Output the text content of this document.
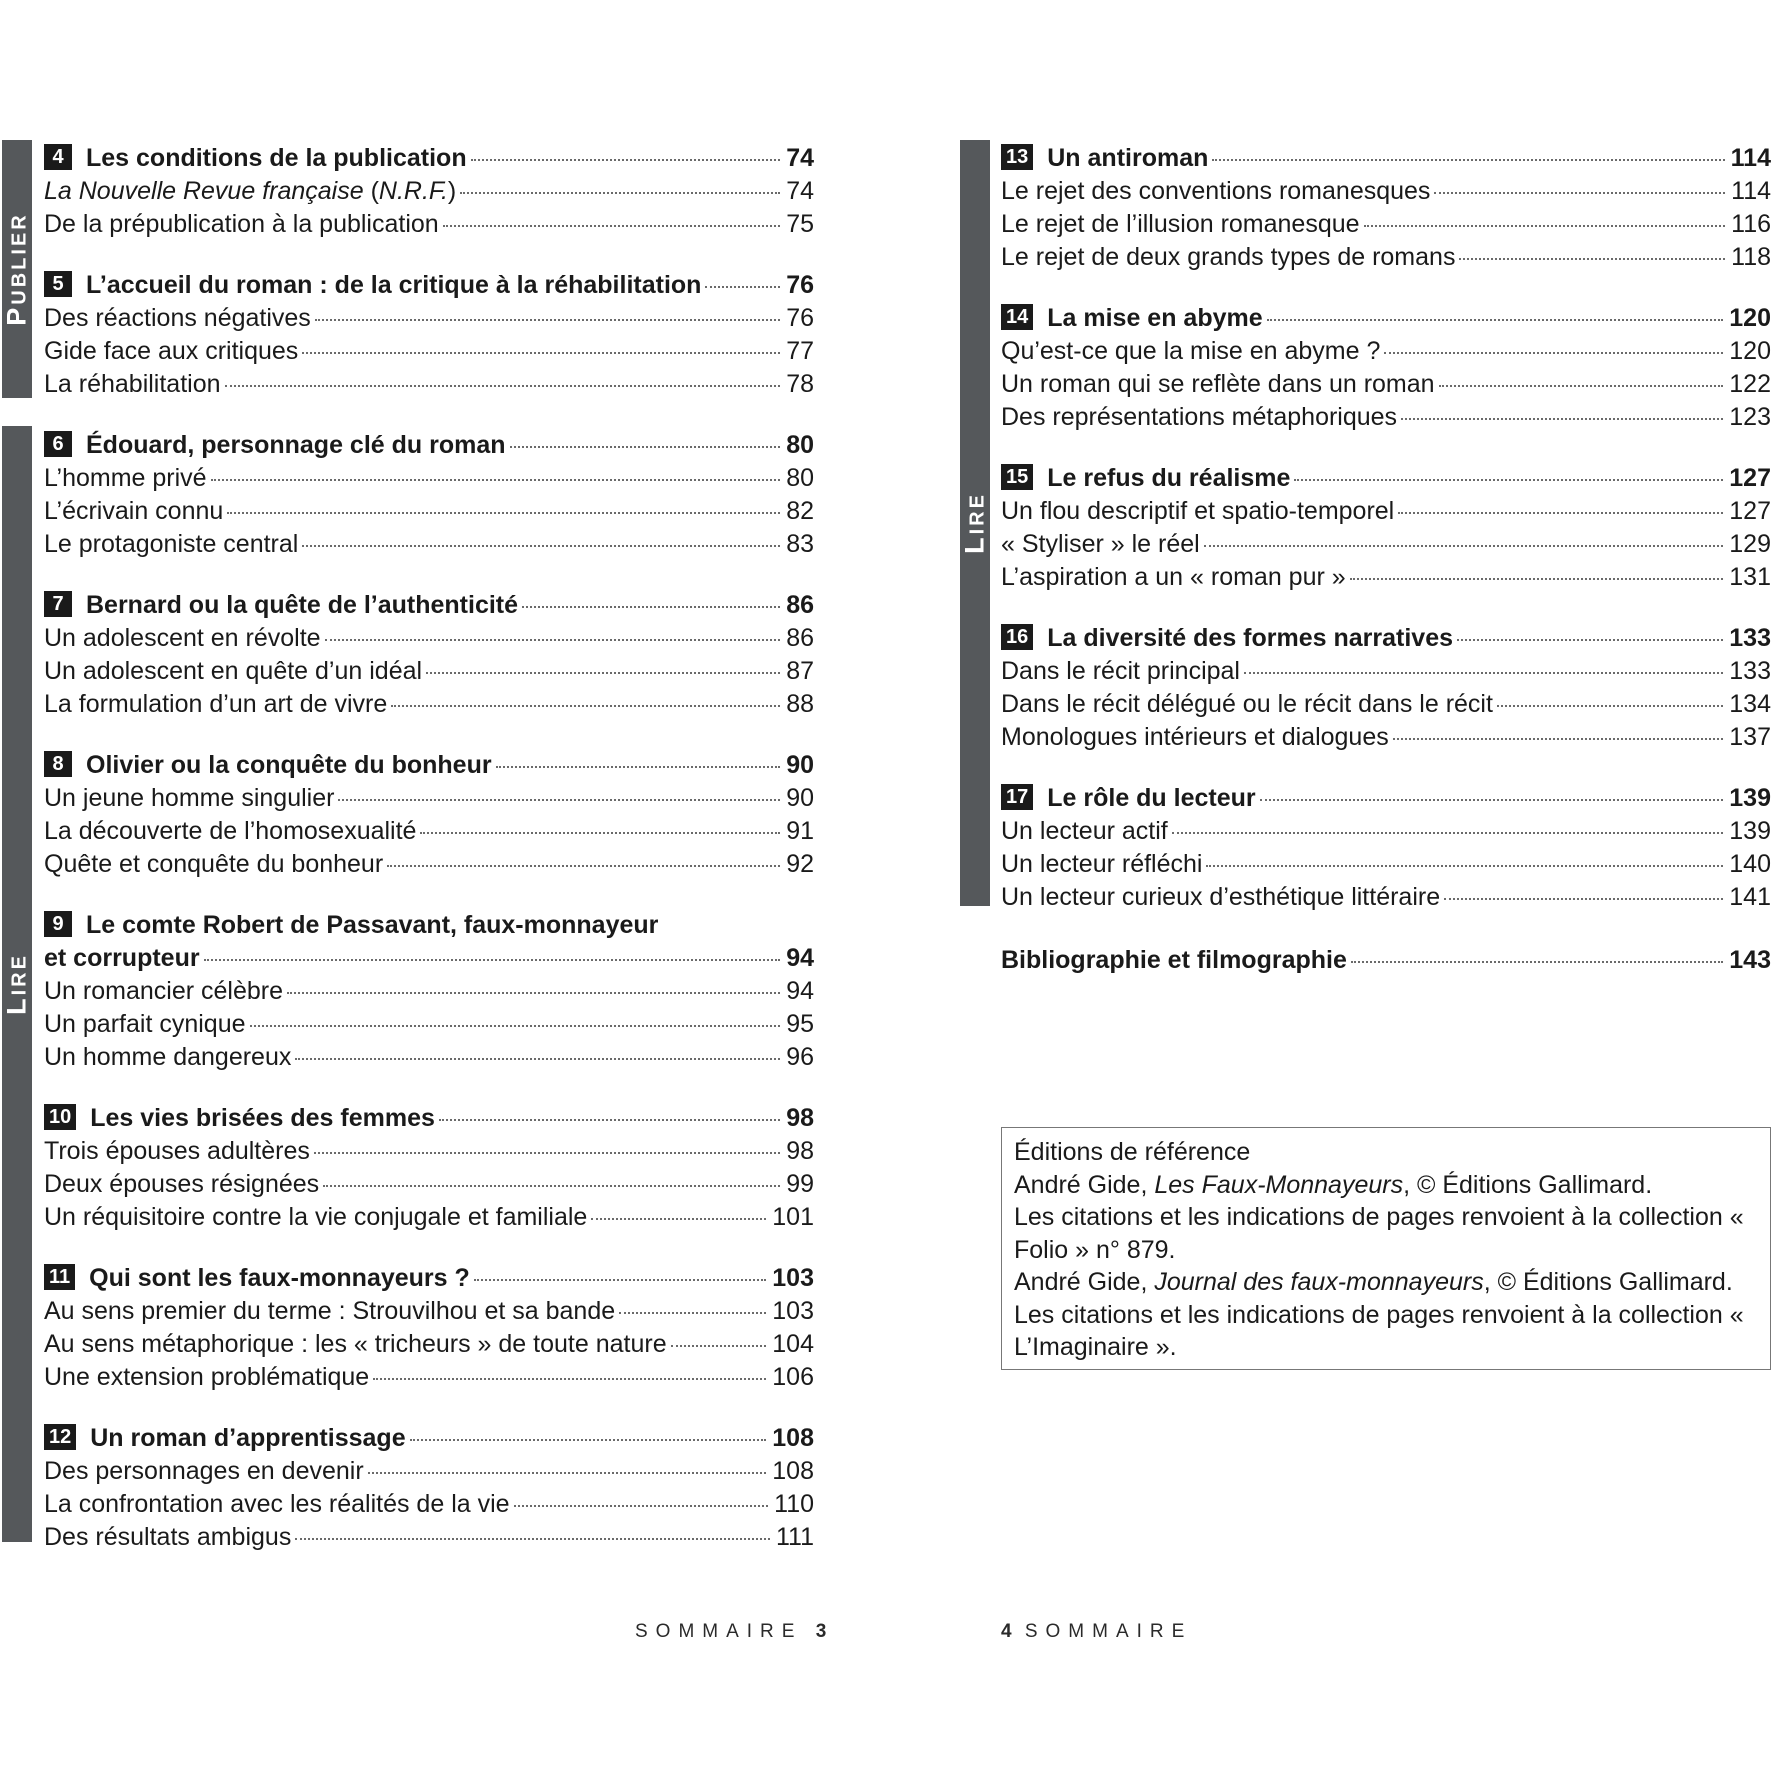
PUBLIER
LIRE
LIRE
4 Les conditions de la publication	74
La Nouvelle Revue française (N.R.F.)	74
De la prépublication à la publication	75
5 L’accueil du roman : de la critique à la réhabilitation	76
Des réactions négatives	76
Gide face aux critiques	77
La réhabilitation	78
6 Édouard, personnage clé du roman	80
L’homme privé	80
L’écrivain connu	82
Le protagoniste central	83
7 Bernard ou la quête de l’authenticité	86
Un adolescent en révolte	86
Un adolescent en quête d’un idéal	87
La formulation d’un art de vivre	88
8 Olivier ou la conquête du bonheur	90
Un jeune homme singulier	90
La découverte de l’homosexualité	91
Quête et conquête du bonheur	92
9 Le comte Robert de Passavant, faux-monnayeur
et corrupteur	94
Un romancier célèbre	94
Un parfait cynique	95
Un homme dangereux	96
10 Les vies brisées des femmes	98
Trois épouses adultères	98
Deux épouses résignées	99
Un réquisitoire contre la vie conjugale et familiale	101
11 Qui sont les faux-monnayeurs ?	103
Au sens premier du terme : Strouvilhou et sa bande	103
Au sens métaphorique : les « tricheurs » de toute nature	104
Une extension problématique	106
12 Un roman d’apprentissage	108
Des personnages en devenir	108
La confrontation avec les réalités de la vie	110
Des résultats ambigus	111
13 Un antiroman	114
Le rejet des conventions romanesques	114
Le rejet de l’illusion romanesque	116
Le rejet de deux grands types de romans	118
14 La mise en abyme	120
Qu’est-ce que la mise en abyme ?	120
Un roman qui se reflète dans un roman	122
Des représentations métaphoriques	123
15 Le refus du réalisme	127
Un flou descriptif et spatio-temporel	127
« Styliser » le réel	129
L’aspiration a un « roman pur »	131
16 La diversité des formes narratives	133
Dans le récit principal	133
Dans le récit délégué ou le récit dans le récit	134
Monologues intérieurs et dialogues	137
17 Le rôle du lecteur	139
Un lecteur actif	139
Un lecteur réfléchi	140
Un lecteur curieux d’esthétique littéraire	141
Bibliographie et filmographie	143
Éditions de référence
André Gide, Les Faux-Monnayeurs, © Éditions Gallimard.
Les citations et les indications de pages renvoient à la collection « Folio » n° 879.
André Gide, Journal des faux-monnayeurs, © Éditions Gallimard.
Les citations et les indications de pages renvoient à la collection « L’Imaginaire ».
SOMMAIRE 3	4 SOMMAIRE
